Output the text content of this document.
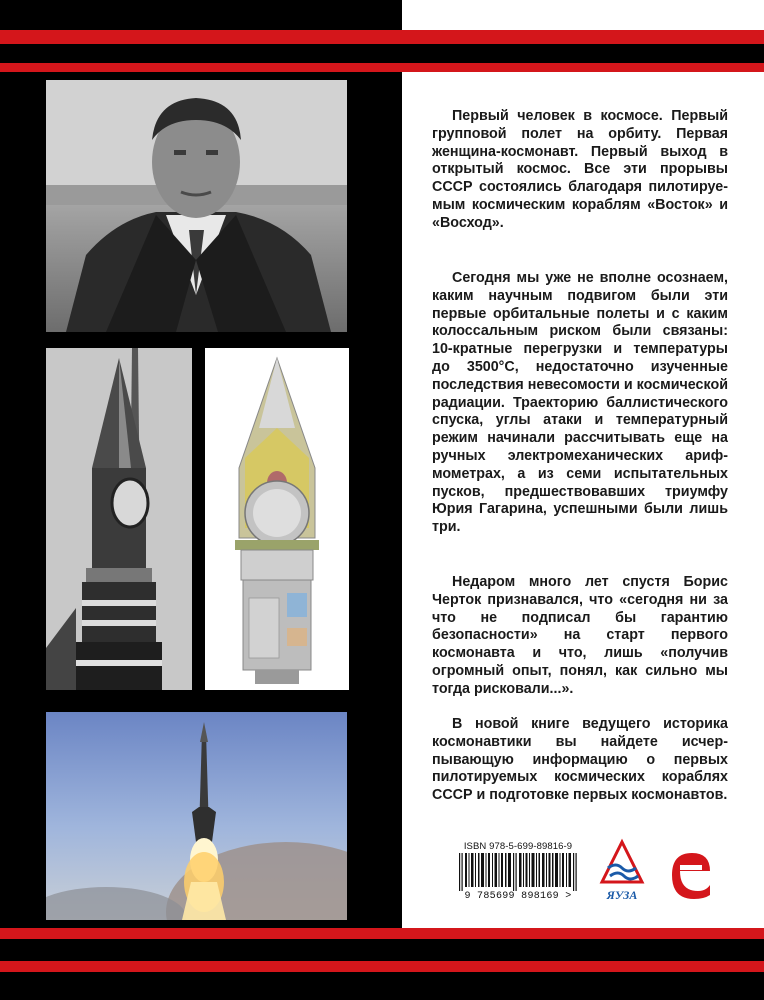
Первый человек в космосе. Первый групповой полет на орбиту. Первая женщина-космонавт. Первый выход в открытый космос. Все эти прорывы СССР состоялись благодаря пилотируемым космическим кораблям «Восток» и «Восход».

Сегодня мы уже не вполне осознаем, каким научным подвигом были эти первые орбитальные полеты и с каким колоссальным риском были связаны: 10-кратные перегрузки и температуры до 3500°С, недостаточно изученные последствия невесомости и космической радиации. Траекторию баллистического спуска, углы атаки и температурный режим начинали рассчитывать еще на ручных электромеханических арифмометрах, а из семи испытательных пусков, предшествовавших триумфу Юрия Гагарина, успешными были лишь три.

Недаром много лет спустя Борис Черток признавался, что «сегодня ни за что не подписал бы гарантию безопасности» на старт первого космонавта и что, лишь «получив огромный опыт, понял, как сильно мы тогда рисковали...».

В новой книге ведущего историка космонавтики вы найдете исчерпывающую информацию о первых пилотируемых космических кораблях СССР и подготовке первых космонавтов.

ISBN 978-5-699-89816-9
9 785699 898169 >	ЯУЗА
